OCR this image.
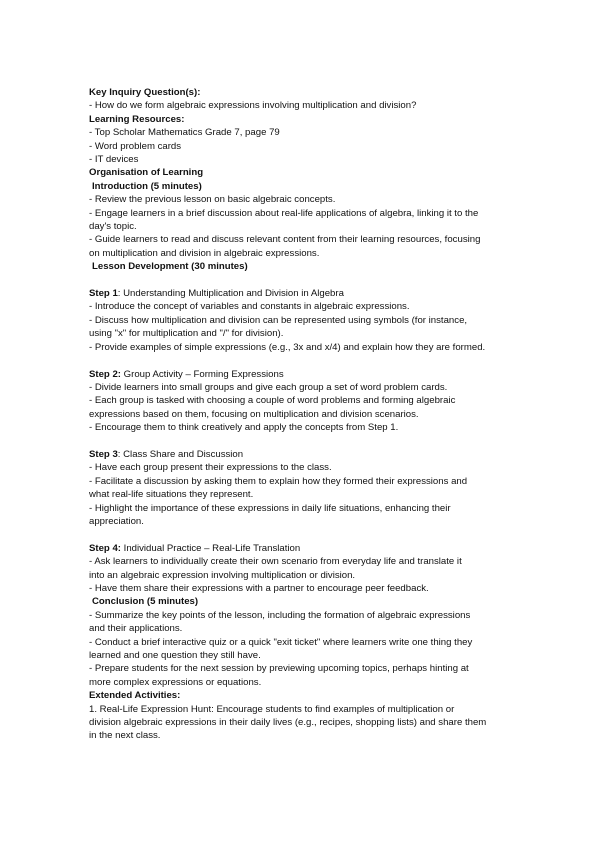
Key Inquiry Question(s):
- How do we form algebraic expressions involving multiplication and division?
Learning Resources:
- Top Scholar Mathematics Grade 7, page 79
- Word problem cards
- IT devices
Organisation of Learning
Introduction (5 minutes)
- Review the previous lesson on basic algebraic concepts.
- Engage learners in a brief discussion about real-life applications of algebra, linking it to the
day's topic.
- Guide learners to read and discuss relevant content from their learning resources, focusing
on multiplication and division in algebraic expressions.
Lesson Development (30 minutes)
Step 1: Understanding Multiplication and Division in Algebra
- Introduce the concept of variables and constants in algebraic expressions.
- Discuss how multiplication and division can be represented using symbols (for instance,
using "x" for multiplication and "/" for division).
- Provide examples of simple expressions (e.g., 3x and x/4) and explain how they are formed.
Step 2: Group Activity – Forming Expressions
- Divide learners into small groups and give each group a set of word problem cards.
- Each group is tasked with choosing a couple of word problems and forming algebraic
expressions based on them, focusing on multiplication and division scenarios.
- Encourage them to think creatively and apply the concepts from Step 1.
Step 3: Class Share and Discussion
- Have each group present their expressions to the class.
- Facilitate a discussion by asking them to explain how they formed their expressions and
what real-life situations they represent.
- Highlight the importance of these expressions in daily life situations, enhancing their
appreciation.
Step 4: Individual Practice – Real-Life Translation
- Ask learners to individually create their own scenario from everyday life and translate it
into an algebraic expression involving multiplication or division.
- Have them share their expressions with a partner to encourage peer feedback.
Conclusion (5 minutes)
- Summarize the key points of the lesson, including the formation of algebraic expressions
and their applications.
- Conduct a brief interactive quiz or a quick "exit ticket" where learners write one thing they
learned and one question they still have.
- Prepare students for the next session by previewing upcoming topics, perhaps hinting at
more complex expressions or equations.
Extended Activities:
1. Real-Life Expression Hunt: Encourage students to find examples of multiplication or
division algebraic expressions in their daily lives (e.g., recipes, shopping lists) and share them
in the next class.
